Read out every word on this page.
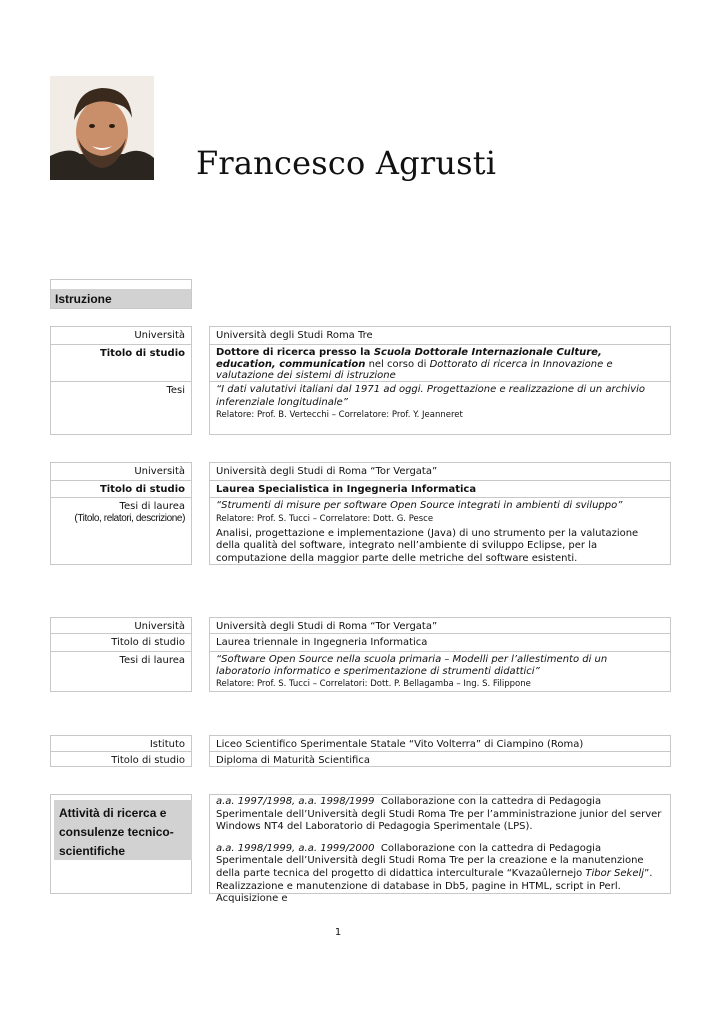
Francesco Agrusti
Istruzione
Università
Titolo di studio
Tesi
Università degli Studi Roma Tre
Dottore di ricerca presso la Scuola Dottorale Internazionale Culture, education, communication nel corso di Dottorato di ricerca in Innovazione e valutazione dei sistemi di istruzione
“I dati valutativi italiani dal 1971 ad oggi. Progettazione e realizzazione di un archivio inferenziale longitudinale”
Relatore: Prof. B. Vertecchi – Correlatore: Prof. Y. Jeanneret
Università
Titolo di studio
Tesi di laurea
(Titolo, relatori, descrizione)
Università degli Studi di Roma “Tor Vergata”
Laurea Specialistica in Ingegneria Informatica
“Strumenti di misure per software Open Source integrati in ambienti di sviluppo”
Relatore: Prof. S. Tucci – Correlatore: Dott. G. Pesce
Analisi, progettazione e implementazione (Java) di uno strumento per la valutazione della qualità del software, integrato nell’ambiente di sviluppo Eclipse, per la computazione della maggior parte delle metriche del software esistenti.
Università
Titolo di studio
Tesi di laurea
Università degli Studi di Roma “Tor Vergata”
Laurea triennale in Ingegneria Informatica
“Software Open Source nella scuola primaria – Modelli per l’allestimento di un laboratorio informatico e sperimentazione di strumenti didattici”
Relatore: Prof. S. Tucci – Correlatori: Dott. P. Bellagamba – Ing. S. Filippone
Istituto
Titolo di studio
Liceo Scientifico Sperimentale Statale “Vito Volterra” di Ciampino (Roma)
Diploma di Maturità Scientifica
Attività di ricerca e consulenze tecnico-scientifiche

a.a. 1997/1998, a.a. 1998/1999 Collaborazione con la cattedra di Pedagogia Sperimentale dell’Università degli Studi Roma Tre per l’amministrazione junior del server Windows NT4 del Laboratorio di Pedagogia Sperimentale (LPS).

a.a. 1998/1999, a.a. 1999/2000 Collaborazione con la cattedra di Pedagogia Sperimentale dell’Università degli Studi Roma Tre per la creazione e la manutenzione della parte tecnica del progetto di didattica interculturale “Kvazaûlernejo Tibor Sekelj”. Realizzazione e manutenzione di database in Db5, pagine in HTML, script in Perl. Acquisizione e

1
